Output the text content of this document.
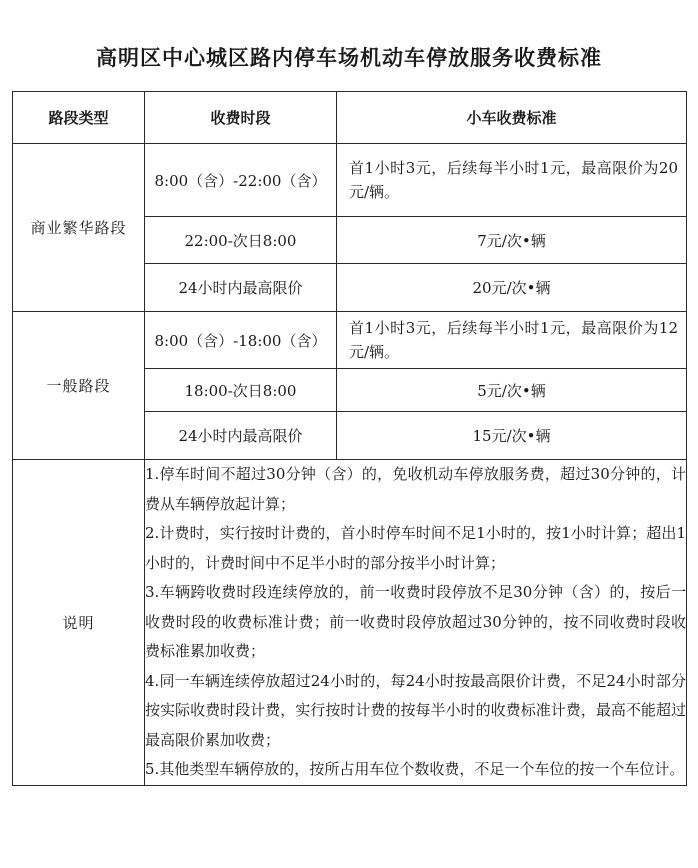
高明区中心城区路内停车场机动车停放服务收费标准
路段类型	收费时段	小车收费标准
商业繁华路段	8:00（含）-22:00（含）	首1小时3元，后续每半小时1元，最高限价为20元/辆。
	22:00-次日8:00	7元/次•辆
	24小时内最高限价	20元/次•辆
一般路段	8:00（含）-18:00（含）	首1小时3元，后续每半小时1元，最高限价为12元/辆。
	18:00-次日8:00	5元/次•辆
	24小时内最高限价	15元/次•辆
说明	1.停车时间不超过30分钟（含）的，免收机动车停放服务费，超过30分钟的，计费从车辆停放起计算；

2.计费时，实行按时计费的，首小时停车时间不足1小时的，按1小时计算；超出1小时的，计费时间中不足半小时的部分按半小时计算；

3.车辆跨收费时段连续停放的，前一收费时段停放不足30分钟（含）的，按后一收费时段的收费标准计费；前一收费时段停放超过30分钟的，按不同收费时段收费标准累加收费；

4.同一车辆连续停放超过24小时的，每24小时按最高限价计费，不足24小时部分按实际收费时段计费，实行按时计费的按每半小时的收费标准计费，最高不能超过最高限价累加收费；

5.其他类型车辆停放的，按所占用车位个数收费，不足一个车位的按一个车位计。	
